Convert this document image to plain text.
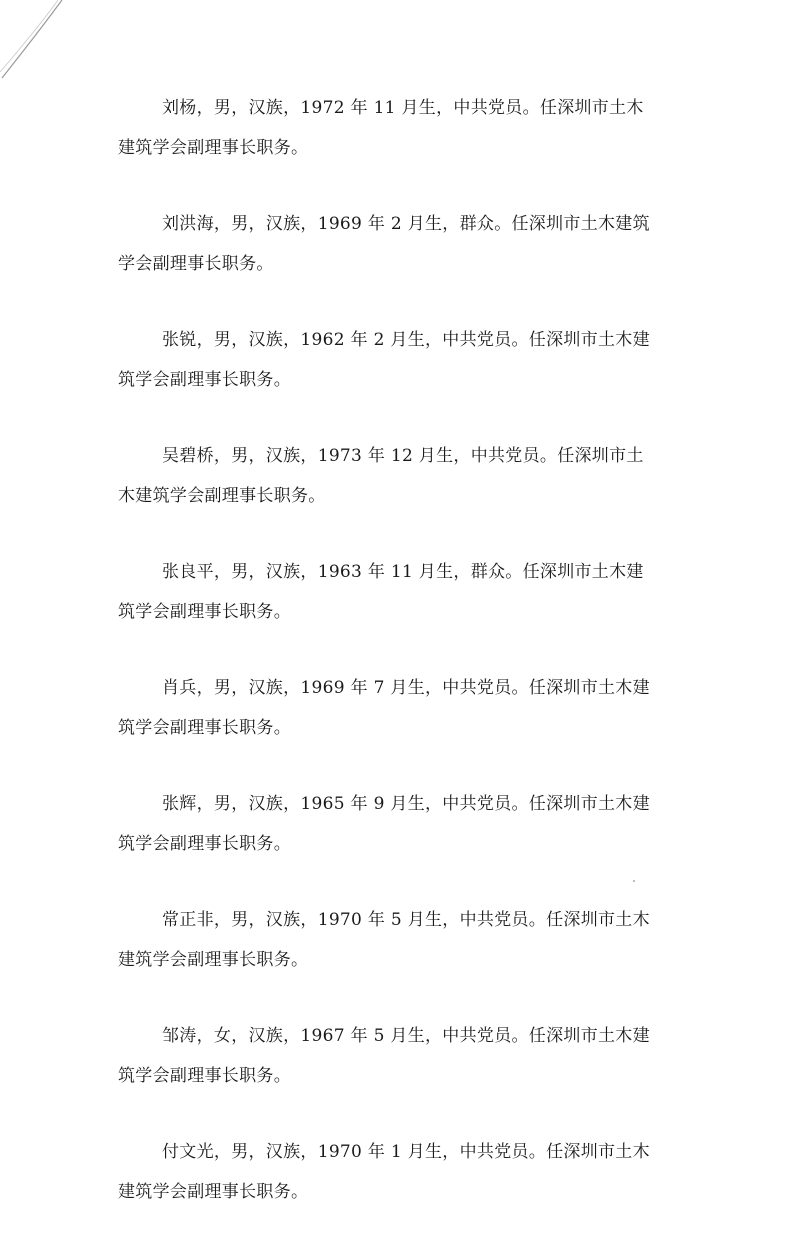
刘杨，男，汉族，1972 年 11 月生，中共党员。任深圳市土木
建筑学会副理事长职务。
刘洪海，男，汉族，1969 年 2 月生，群众。任深圳市土木建筑
学会副理事长职务。
张锐，男，汉族，1962 年 2 月生，中共党员。任深圳市土木建
筑学会副理事长职务。
吴碧桥，男，汉族，1973 年 12 月生，中共党员。任深圳市土
木建筑学会副理事长职务。
张良平，男，汉族，1963 年 11 月生，群众。任深圳市土木建
筑学会副理事长职务。
肖兵，男，汉族，1969 年 7 月生，中共党员。任深圳市土木建
筑学会副理事长职务。
张辉，男，汉族，1965 年 9 月生，中共党员。任深圳市土木建
筑学会副理事长职务。
常正非，男，汉族，1970 年 5 月生，中共党员。任深圳市土木
建筑学会副理事长职务。
邹涛，女，汉族，1967 年 5 月生，中共党员。任深圳市土木建
筑学会副理事长职务。
付文光，男，汉族，1970 年 1 月生，中共党员。任深圳市土木
建筑学会副理事长职务。
